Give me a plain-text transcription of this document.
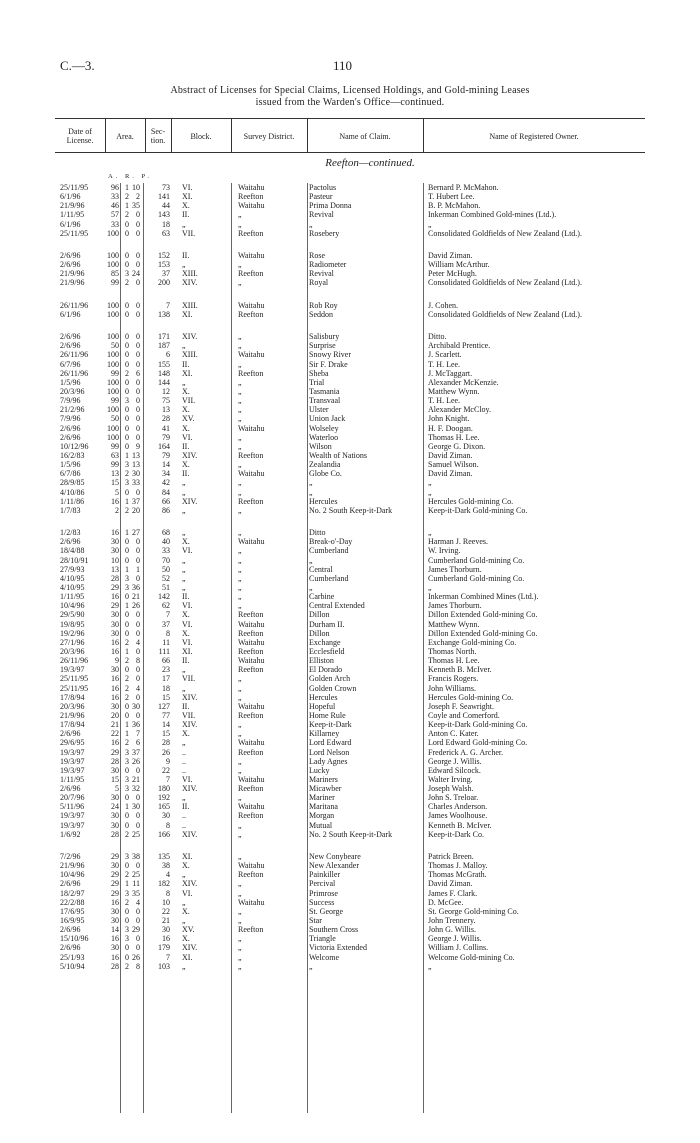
C.—3.	110
Abstract of Licenses for Special Claims, Licensed Holdings, and Gold-mining Leases
issued from the Warden's Office—continued.
Date of License.	Area.	Sec- tion.	Block.	Survey District.	Name of Claim.	Name of Registered Owner.
Reefton—continued.
A. R. P.
25/11/95	96 1 10	73 VI.	Waitahu	Pactolus	Bernard P. McMahon.
6/1/96	33 2 2	141 XI.	Reefton	Pasteur	T. Hubert Lee.
21/9/96	46 1 35	44 X.	Waitahu	Prima Donna	B. P. McMahon.
1/11/95	57 2 0	143 II.	„	Revival	Inkerman Combined Gold-mines (Ltd.).
6/1/96	33 0 0	18 „	„	„	„
25/11/95	100 0 0	63 VII.	Reefton	Rosebery	Consolidated Goldfields of New Zealand (Ltd.).
2/6/96	100 0 0	152 II.	Waitahu	Rose	David Ziman.
2/6/96	100 0 0	153 „	„	Radiometer	William McArthur.
21/9/96	85 3 24	37 XIII.	Reefton	Revival	Peter McHugh.
21/9/96	99 2 0	200 XIV.	„	Royal	Consolidated Goldfields of New Zealand (Ltd.).
26/11/96	100 0 0	7 XIII.	Waitahu	Rob Roy	J. Cohen.
6/1/96	100 0 0	138 XI.	Reefton	Seddon	Consolidated Goldfields of New Zealand (Ltd.).
2/6/96	100 0 0	171 XIV.	„	Salisbury	Ditto.
2/6/96	50 0 0	187 „	„	Surprise	Archibald Prentice.
26/11/96	100 0 0	6 XIII.	Waitahu	Snowy River	J. Scarlett.
6/7/96	100 0 0	155 II.	„	Sir F. Drake	T. H. Lee.
26/11/96	99 2 6	148 XI.	Reefton	Sheba	J. McTaggart.
1/5/96	100 0 0	144 „	„	Trial	Alexander McKenzie.
20/3/96	100 0 0	12 X.	„	Tasmania	Matthew Wynn.
7/9/96	99 3 0	75 VII.	„	Transvaal	T. H. Lee.
21/2/96	100 0 0	13 X.	„	Ulster	Alexander McCloy.
7/9/96	50 0 0	28 XV.	„	Union Jack	John Knight.
2/6/96	100 0 0	41 X.	Waitahu	Wolseley	H. F. Doogan.
2/6/96	100 0 0	79 VI.	„	Waterloo	Thomas H. Lee.
10/12/96	99 0 9	164 II.	„	Wilson	George G. Dixon.
16/2/83	63 1 13	79 XIV.	Reefton	Wealth of Nations	David Ziman.
1/5/96	99 3 13	14 X.	„	Zealandia	Samuel Wilson.
6/7/86	13 2 30	34 II.	Waitahu	Globe Co.	David Ziman.
28/9/85	15 3 33	42 „	„	„	„
4/10/86	5 0 0	84 „	„	„	„
1/11/86	16 1 37	66 XIV.	Reefton	Hercules	Hercules Gold-mining Co.
1/7/83	2 2 20	86 „	„	No. 2 South Keep-it-Dark	Keep-it-Dark Gold-mining Co.
1/2/83	16 1 27	68 „	„	Ditto	„
2/6/96	30 0 0	40 X.	Waitahu	Break-o'-Day	Harman J. Reeves.
18/4/88	30 0 0	33 VI.	„	Cumberland	W. Irving.
28/10/91	10 0 0	70 „	„	„	Cumberland Gold-mining Co.
27/9/93	13 1 1	50 „	„	Central	James Thorburn.
4/10/95	28 3 0	52 „	„	Cumberland	Cumberland Gold-mining Co.
4/10/95	29 3 36	51 „	„	„	„
1/11/95	16 0 21	142 II.	„	Carbine	Inkerman Combined Mines (Ltd.).
10/4/96	29 1 26	62 VI.	„	Central Extended	James Thorburn.
29/5/90	30 0 0	7 X.	Reefton	Dillon	Dillon Extended Gold-mining Co.
19/8/95	30 0 0	37 VI.	Waitahu	Durham II.	Matthew Wynn.
19/2/96	30 0 0	8 X.	Reefton	Dillon	Dillon Extended Gold-mining Co.
27/1/96	16 2 4	11 VI.	Waitahu	Exchange	Exchange Gold-mining Co.
20/3/96	16 1 0	111 XI.	Reefton	Ecclesfield	Thomas North.
26/11/96	9 2 8	66 II.	Waitahu	Elliston	Thomas H. Lee.
19/3/97	30 0 0	23 „	Reefton	El Dorado	Kenneth B. McIver.
25/11/95	16 2 0	17 VII.	„	Golden Arch	Francis Rogers.
25/11/95	16 2 4	18 „	„	Golden Crown	John Williams.
17/8/94	16 2 0	15 XIV.	„	Hercules	Hercules Gold-mining Co.
20/3/96	30 0 30	127 II.	Waitahu	Hopeful	Joseph F. Seawright.
21/9/96	20 0 0	77 VII.	Reefton	Home Rule	Coyle and Comerford.
17/8/94	21 1 36	14 XIV.	„	Keep-it-Dark	Keep-it-Dark Gold-mining Co.
2/6/96	22 1 7	15 X.	„	Killarney	Anton C. Kater.
29/6/95	16 2 6	28 „	Waitahu	Lord Edward	Lord Edward Gold-mining Co.
19/3/97	29 3 37	26 ..	Reefton	Lord Nelson	Frederick A. G. Archer.
19/3/97	28 3 26	9 ..	„	Lady Agnes	George J. Willis.
19/3/97	30 0 0	22 ..	„	Lucky	Edward Silcock.
1/11/95	15 3 21	7 VI.	Waitahu	Mariners	Walter Irving.
2/6/96	5 3 32	180 XIV.	Reefton	Micawber	Joseph Walsh.
20/7/96	30 0 0	192 „	„	Mariner	John S. Treloar.
5/11/96	24 1 30	165 II.	Waitahu	Maritana	Charles Anderson.
19/3/97	30 0 0	30 ..	Reefton	Morgan	James Woolhouse.
19/3/97	30 0 0	8 ..	„	Mutual	Kenneth B. McIver.
1/6/92	28 2 25	166 XIV.	„	No. 2 South Keep-it-Dark	Keep-it-Dark Co.
7/2/96	29 3 38	135 XI.	„	New Conybeare	Patrick Breen.
21/9/96	30 0 0	38 X.	Waitahu	New Alexander	Thomas J. Malloy.
10/4/96	29 2 25	4 „	Reefton	Painkiller	Thomas McGrath.
2/6/96	29 1 11	182 XIV.	„	Percival	David Ziman.
18/2/97	29 3 35	8 VI.	„	Primrose	James F. Clark.
22/2/88	16 2 4	10 „	Waitahu	Success	D. McGee.
17/6/95	30 0 0	22 X.	„	St. George	St. George Gold-mining Co.
16/9/95	30 0 0	21 „	„	Star	John Trennery.
2/6/96	14 3 29	30 XV.	Reefton	Southern Cross	John G. Willis.
15/10/96	16 3 0	16 X.	„	Triangle	George J. Willis.
2/6/96	30 0 0	179 XIV.	„	Victoria Extended	William J. Collins.
25/1/93	16 0 26	7 XI.	„	Welcome	Welcome Gold-mining Co.
5/10/94	28 2 8	103 „	„	„	„
